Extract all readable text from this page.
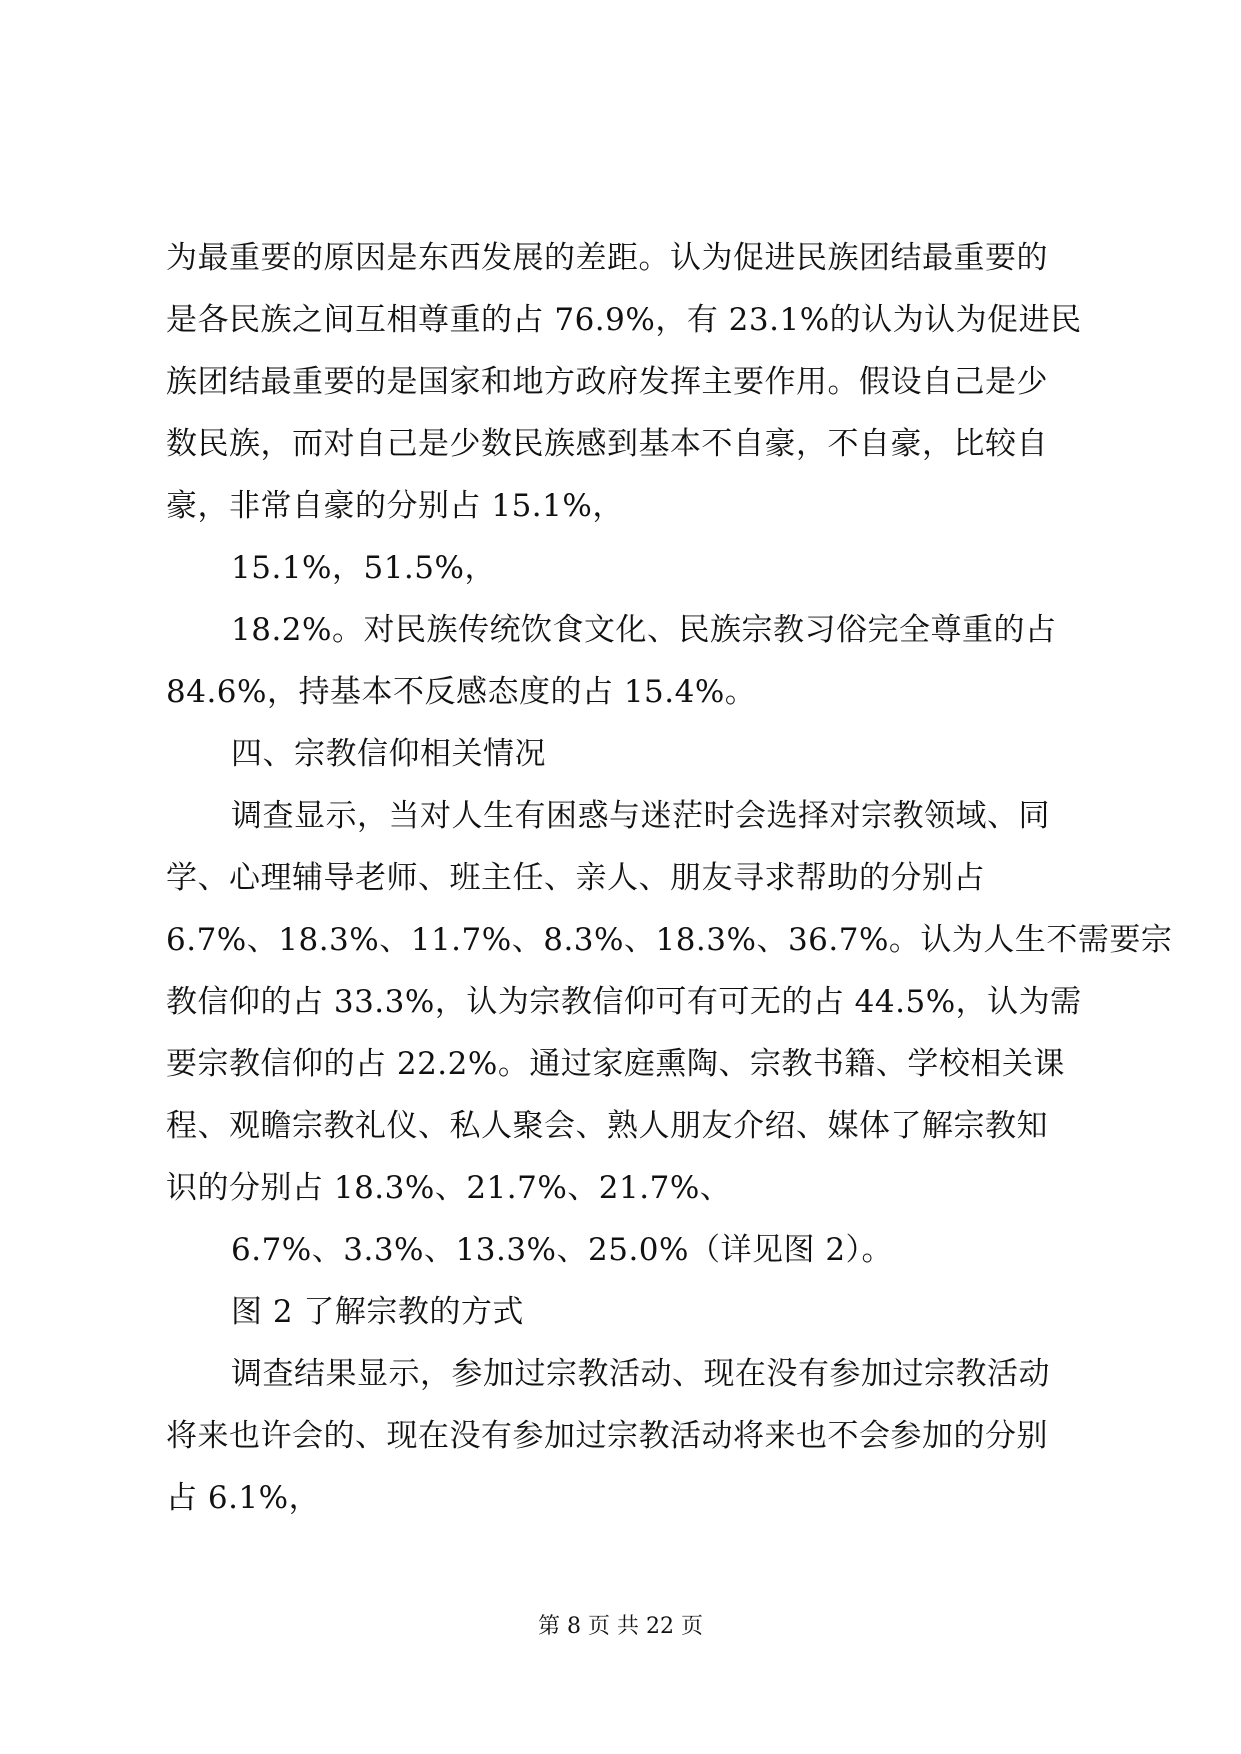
为最重要的原因是东西发展的差距。认为促进民族团结最重要的
是各民族之间互相尊重的占 76.9%，有 23.1%的认为认为促进民
族团结最重要的是国家和地方政府发挥主要作用。假设自己是少
数民族，而对自己是少数民族感到基本不自豪，不自豪，比较自
豪，非常自豪的分别占 15.1%，
15.1%，51.5%，
18.2%。对民族传统饮食文化、民族宗教习俗完全尊重的占
84.6%，持基本不反感态度的占 15.4%。
四、宗教信仰相关情况
调查显示，当对人生有困惑与迷茫时会选择对宗教领域、同
学、心理辅导老师、班主任、亲人、朋友寻求帮助的分别占
6.7%、18.3%、11.7%、8.3%、18.3%、36.7%。认为人生不需要宗
教信仰的占 33.3%，认为宗教信仰可有可无的占 44.5%，认为需
要宗教信仰的占 22.2%。通过家庭熏陶、宗教书籍、学校相关课
程、观瞻宗教礼仪、私人聚会、熟人朋友介绍、媒体了解宗教知
识的分别占 18.3%、21.7%、21.7%、
6.7%、3.3%、13.3%、25.0%（详见图 2）。
图 2 了解宗教的方式
调查结果显示，参加过宗教活动、现在没有参加过宗教活动
将来也许会的、现在没有参加过宗教活动将来也不会参加的分别
占 6.1%，
第 8 页 共 22 页
